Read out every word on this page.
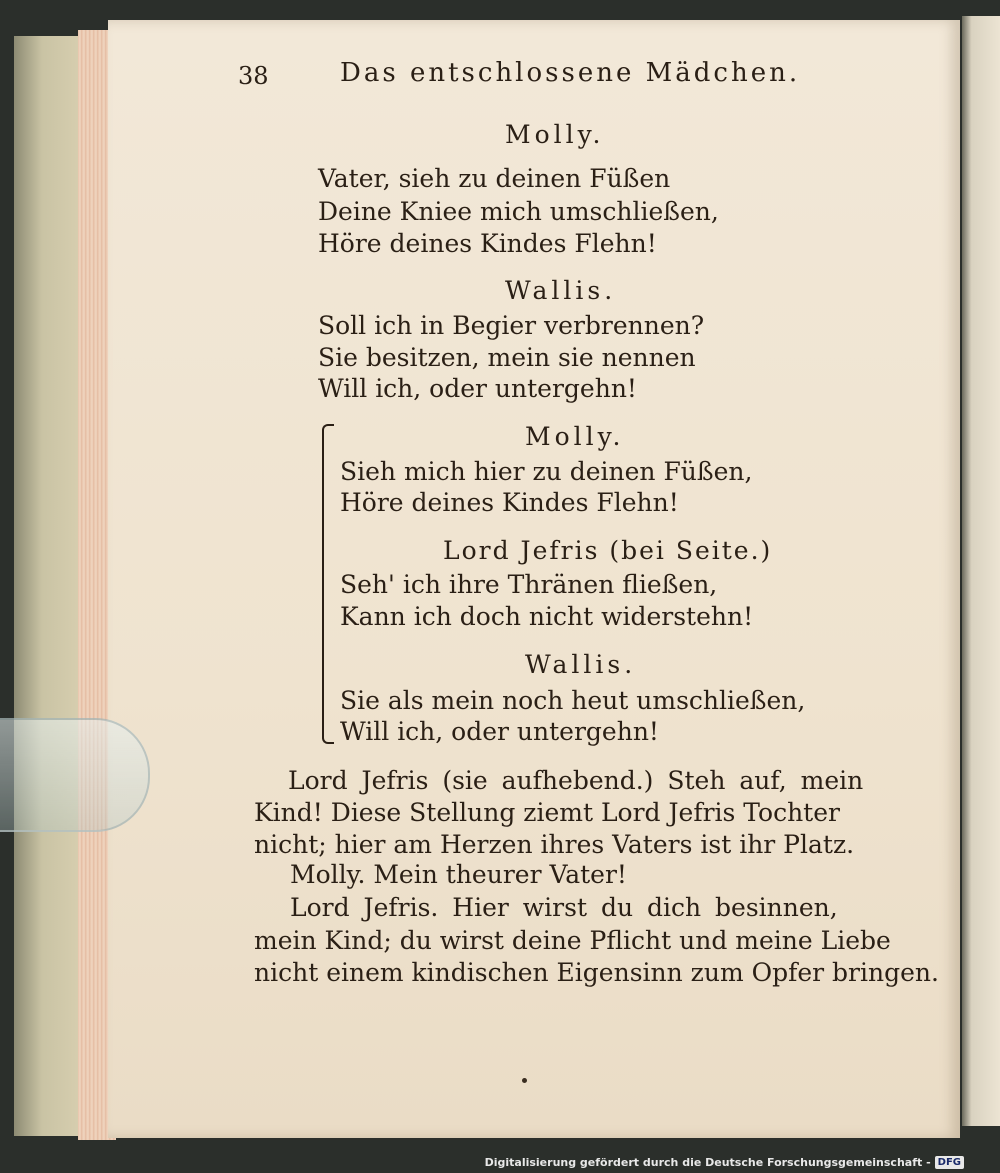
38	Das entschlossene Mädchen.
Molly.
Vater, sieh zu deinen Füßen
Deine Kniee mich umschließen,
Höre deines Kindes Flehn!
Wallis.
Soll ich in Begier verbrennen?
Sie besitzen, mein sie nennen
Will ich, oder untergehn!
Molly.
Sieh mich hier zu deinen Füßen,
Höre deines Kindes Flehn!
Lord Jefris (bei Seite.)
Seh' ich ihre Thränen fließen,
Kann ich doch nicht widerstehn!
Wallis.
Sie als mein noch heut umschließen,
Will ich, oder untergehn!
Lord Jefris (sie aufhebend.) Steh auf, mein
Kind! Diese Stellung ziemt Lord Jefris Tochter
nicht; hier am Herzen ihres Vaters ist ihr Platz.
Molly. Mein theurer Vater!
Lord Jefris. Hier wirst du dich besinnen,
mein Kind; du wirst deine Pflicht und meine Liebe
nicht einem kindischen Eigensinn zum Opfer bringen.
Digitalisierung gefördert durch die Deutsche Forschungsgemeinschaft - DFG
